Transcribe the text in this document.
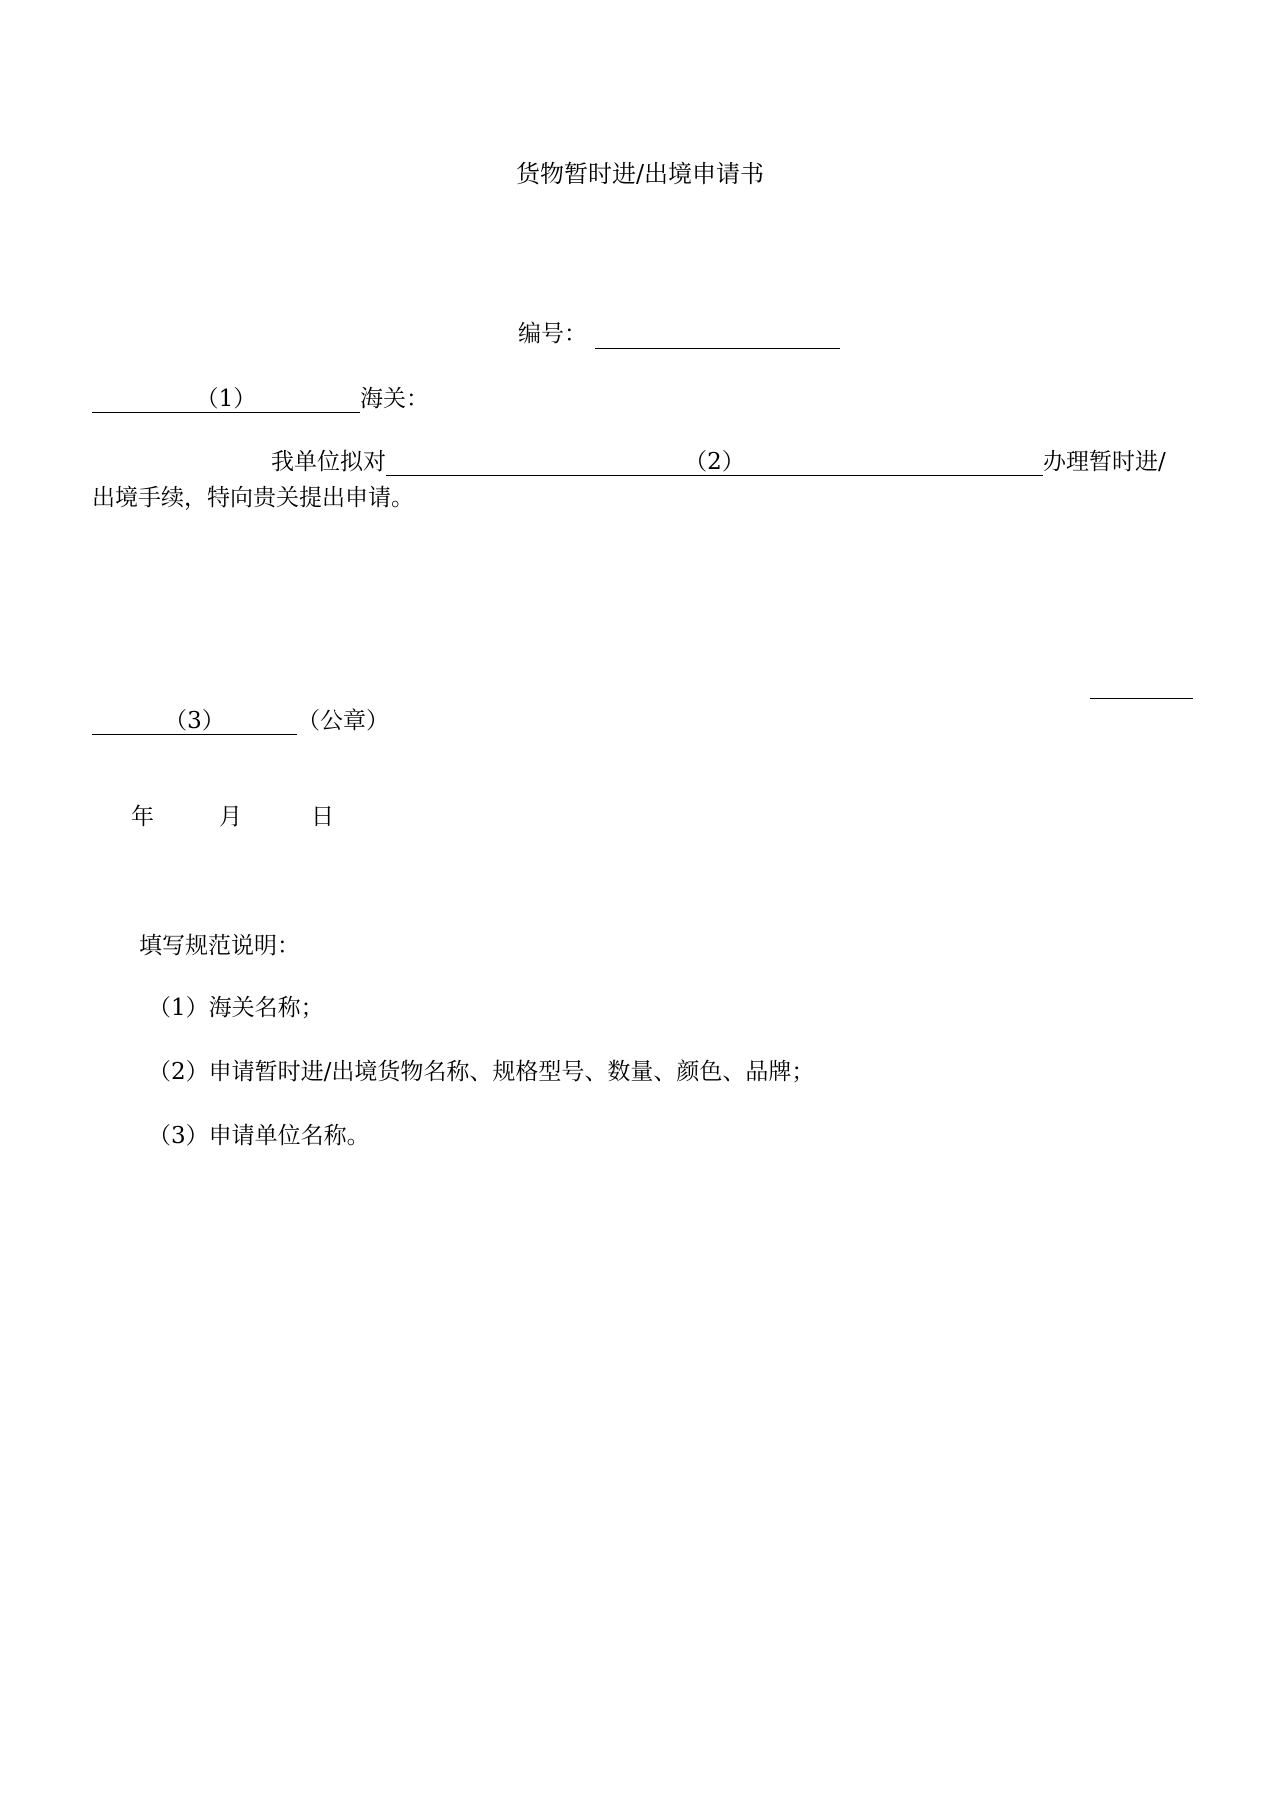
货物暂时进/出境申请书
编号：
（1）	海关：
我单位拟对	（2）	办理暂时进/
出境手续，特向贵关提出申请。
（3）	（公章）
年	月	日
填写规范说明：
（1）海关名称；
（2）申请暂时进/出境货物名称、规格型号、数量、颜色、品牌；
（3）申请单位名称。
